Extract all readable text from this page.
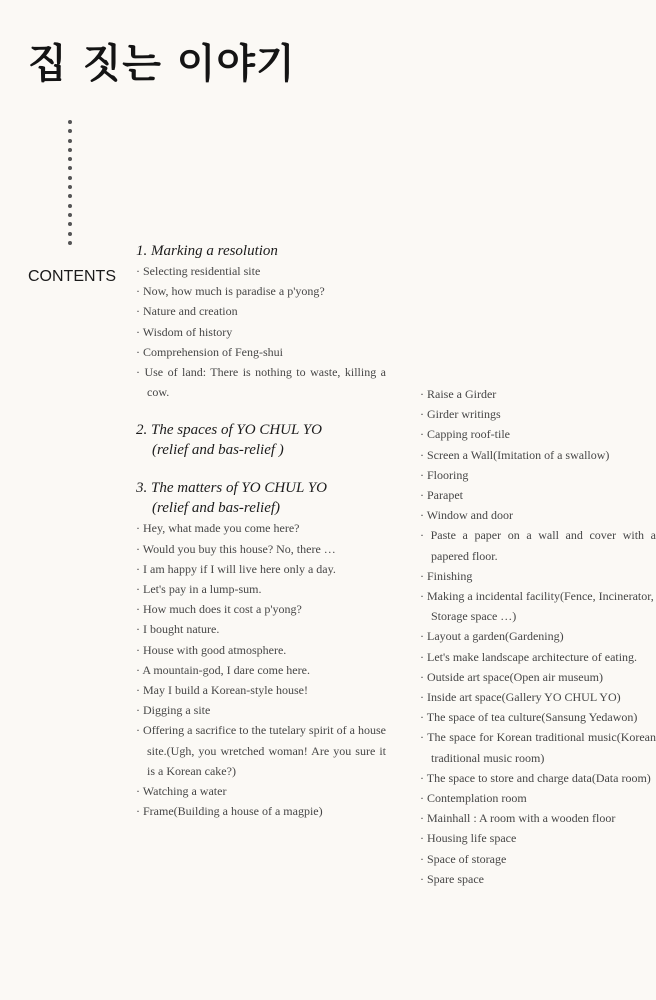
집 짓는 이야기
CONTENTS
1. Marking a resolution
· Selecting residential site
· Now, how much is paradise a p'yong?
· Nature and creation
· Wisdom of history
· Comprehension of Feng-shui
· Use of land: There is nothing to waste, killing a cow.
2. The spaces of YO CHUL YO
(relief and bas-relief )
3. The matters of YO CHUL YO
(relief and bas-relief)
· Hey, what made you come here?
· Would you buy this house? No, there …
· I am happy if I will live here only a day.
· Let's pay in a lump-sum.
· How much does it cost a p'yong?
· I bought nature.
· House with good atmosphere.
· A mountain-god, I dare come here.
· May I build a Korean-style house!
· Digging a site
· Offering a sacrifice to the tutelary spirit of a house site.(Ugh, you wretched woman! Are you sure it is a Korean cake?)
· Watching a water
· Frame(Building a house of a magpie)
· Raise a Girder
· Girder writings
· Capping roof-tile
· Screen a Wall(Imitation of a swallow)
· Flooring
· Parapet
· Window and door
· Paste a paper on a wall and cover with a papered floor.
· Finishing
· Making a incidental facility(Fence, Incinerator, Storage space …)
· Layout a garden(Gardening)
· Let's make landscape architecture of eating.
· Outside art space(Open air museum)
· Inside art space(Gallery YO CHUL YO)
· The space of tea culture(Sansung Yedawon)
· The space for Korean traditional music(Korean traditional music room)
· The space to store and charge data(Data room)
· Contemplation room
· Mainhall : A room with a wooden floor
· Housing life space
· Space of storage
· Spare space
